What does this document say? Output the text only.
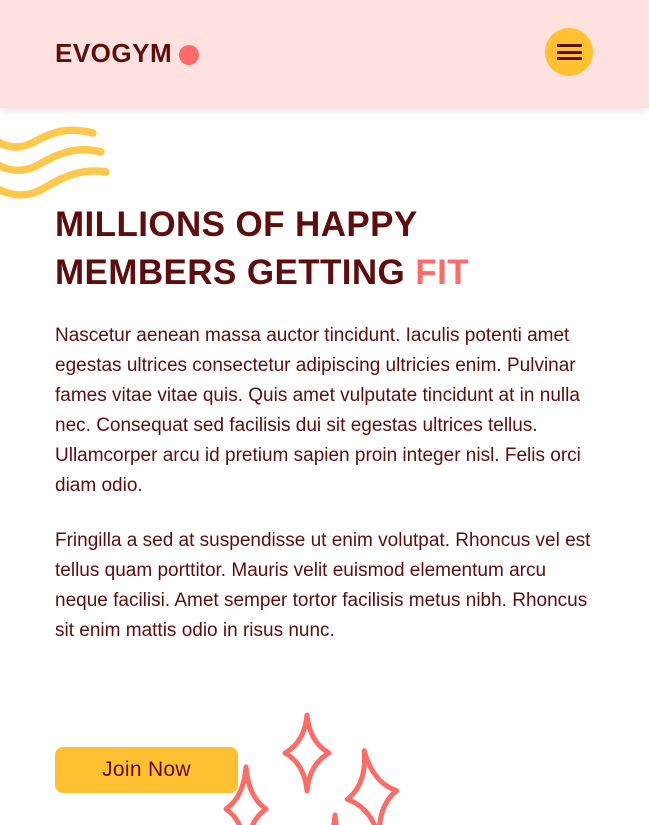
EVOGYM
MILLIONS OF HAPPY
MEMBERS GETTING FIT

Nascetur aenean massa auctor tincidunt. Iaculis potenti amet egestas ultrices consectetur adipiscing ultricies enim. Pulvinar fames vitae vitae quis. Quis amet vulputate tincidunt at in nulla nec. Consequat sed facilisis dui sit egestas ultrices tellus. Ullamcorper arcu id pretium sapien proin integer nisl. Felis orci diam odio.

Fringilla a sed at suspendisse ut enim volutpat. Rhoncus vel est tellus quam porttitor. Mauris velit euismod elementum arcu neque facilisi. Amet semper tortor facilisis metus nibh. Rhoncus sit enim mattis odio in risus nunc.

Join Now
